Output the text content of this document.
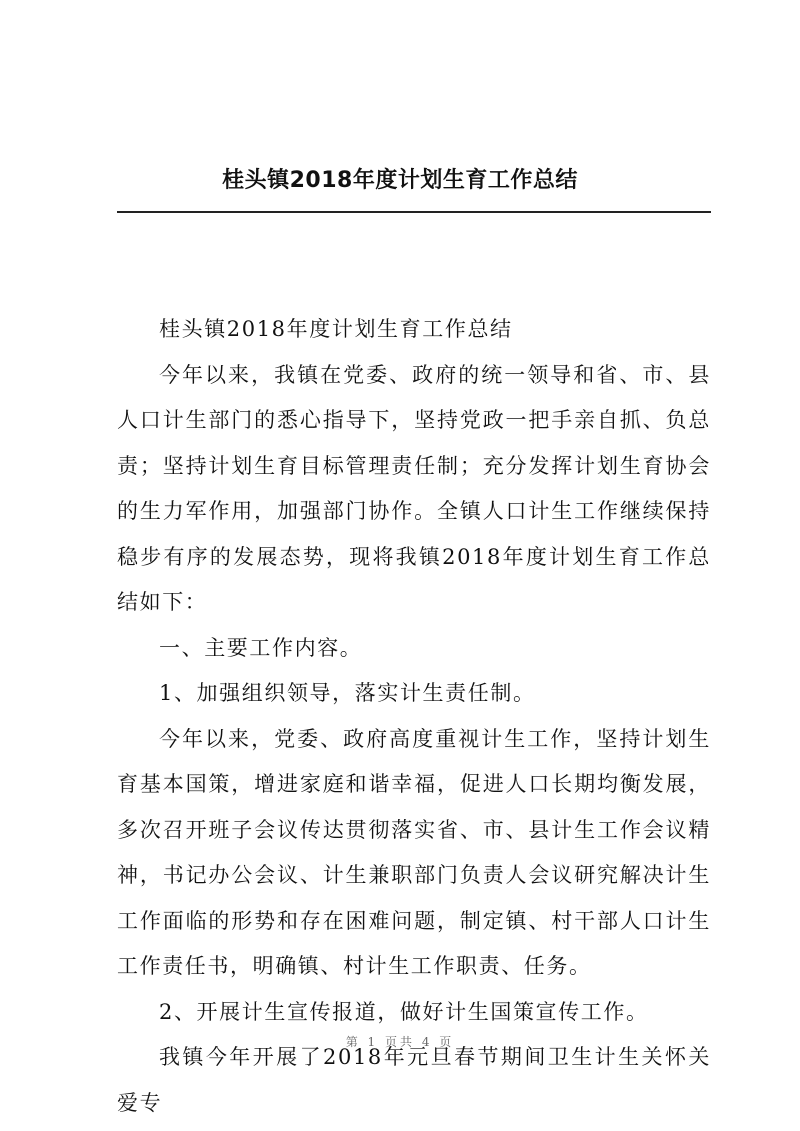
桂头镇2018年度计划生育工作总结

桂头镇2018年度计划生育工作总结

今年以来，我镇在党委、政府的统一领导和省、市、县人口计生部门的悉心指导下，坚持党政一把手亲自抓、负总责；坚持计划生育目标管理责任制；充分发挥计划生育协会的生力军作用，加强部门协作。全镇人口计生工作继续保持稳步有序的发展态势，现将我镇2018年度计划生育工作总结如下：

一、主要工作内容。

1、加强组织领导，落实计生责任制。

今年以来，党委、政府高度重视计生工作，坚持计划生育基本国策，增进家庭和谐幸福，促进人口长期均衡发展，多次召开班子会议传达贯彻落实省、市、县计生工作会议精神，书记办公会议、计生兼职部门负责人会议研究解决计生工作面临的形势和存在困难问题，制定镇、村干部人口计生工作责任书，明确镇、村计生工作职责、任务。

2、开展计生宣传报道，做好计生国策宣传工作。

我镇今年开展了2018年元旦春节期间卫生计生关怀关爱专

第 1 页共 4 页
